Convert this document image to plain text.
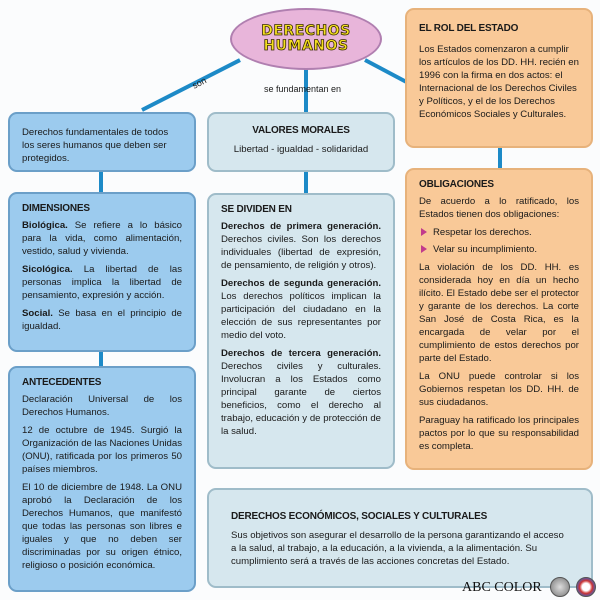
DERECHOS
HUMANOS
son	se fundamentan en

Derechos fundamentales de todos los seres humanos que deben ser protegidos.

DIMENSIONES

Biológica. Se refiere a lo básico para la vida, como alimentación, vestido, salud y vivienda.

Sicológica. La libertad de las personas implica la libertad de pensamiento, expresión y acción.

Social. Se basa en el principio de igualdad.

ANTECEDENTES

Declaración Universal de los Derechos Humanos.

12 de octubre de 1945. Surgió la Organización de las Naciones Unidas (ONU), ratificada por los primeros 50 países miembros.

El 10 de diciembre de 1948. La ONU aprobó la Declaración de los Derechos Humanos, que manifestó que todas las personas son libres e iguales y que no deben ser discriminadas por su origen étnico, religioso o posición económica.

VALORES MORALES
Libertad - igualdad - solidaridad
SE DIVIDEN EN

Derechos de primera generación. Derechos civiles. Son los derechos individuales (libertad de expresión, de pensamiento, de religión y otros).

Derechos de segunda generación. Los derechos políticos implican la participación del ciudadano en la elección de sus representantes por medio del voto.

Derechos de tercera generación. Derechos civiles y culturales. Involucran a los Estados como principal garante de ciertos beneficios, como el derecho al trabajo, educación y de protección de la salud.

EL ROL DEL ESTADO

Los Estados comenzaron a cumplir los artículos de los DD. HH. recién en 1996 con la firma en dos actos: el Internacional de los Derechos Civiles y Políticos, y el de los Derechos Económicos Sociales y Culturales.

OBLIGACIONES

De acuerdo a lo ratificado, los Estados tienen dos obligaciones:

Respetar los derechos.
Velar su incumplimiento.

La violación de los DD. HH. es considerada hoy en día un hecho ilícito. El Estado debe ser el protector y garante de los derechos. La corte San José de Costa Rica, es la encargada de velar por el cumplimiento de estos derechos por parte del Estado.

La ONU puede controlar si los Gobiernos respetan los DD. HH. de sus ciudadanos.

Paraguay ha ratificado los principales pactos por lo que su responsabilidad es completa.

DERECHOS ECONÓMICOS, SOCIALES Y CULTURALES

Sus objetivos son asegurar el desarrollo de la persona garantizando el acceso a la salud, al trabajo, a la educación, a la vivienda, a la alimentación. Su cumplimiento será a través de las acciones concretas del Estado.

ABC COLOR
